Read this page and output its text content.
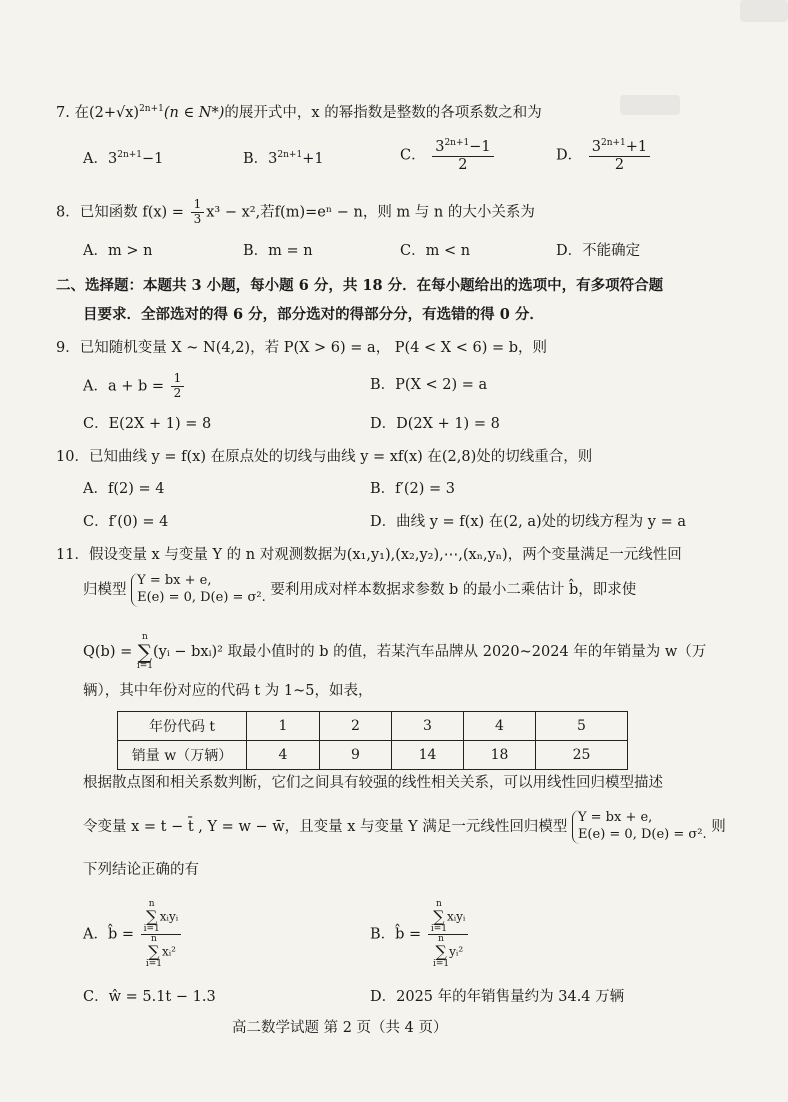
7. 在$(2+√x)^{2n+1}(n$ ∈ N*)的展开式中，x 的幂指数是整数的各项系数之和为
A．$3^{2n+1}-1$	B．$3^{2n+1}+1$	C． $\frac{3^{2n+1}-1}{2}$	D． $\frac{3^{2n+1}+1}{2}$
8．已知函数 $f(x) = \frac{1}{3} x^3 - x^2$,若f(m)=eⁿ − n，则 m 与 n 的大小关系为
A．m > n	B．m = n	C．m < n	D．不能确定
二、选择题：本题共 3 小题，每小题 6 分，共 18 分．在每小题给出的选项中，有多项符合题
目要求．全部选对的得 6 分，部分选对的得部分分，有选错的得 0 分．
9．已知随机变量 X ~ N(4,2)，若 P(X > 6) = a， P(4 < X < 6) = b，则
A．$a + b = \frac{1}{2}$	B．P(X < 2) = a
C．E(2X + 1) = 8	D．D(2X + 1) = 8
10．已知曲线 y = f(x) 在原点处的切线与曲线 y = xf(x) 在(2,8)处的切线重合，则
A．f(2) = 4	B．f′(2) = 3
C．f′(0) = 4	D．曲线 y = f(x) 在(2, a)处的切线方程为 y = a
11．假设变量 x 与变量 Y 的 n 对观测数据为(x₁,y₁),(x₂,y₂),⋯,(xₙ,yₙ)，两个变量满足一元线性回
归模型
Y = bx + e,
E(e) = 0, D(e) = σ². 要利用成对样本数据求参数 b 的最小二乘估计 b̂，即求使
Q(b) =
n
∑
i=1
(yᵢ − bxᵢ)² 取最小值时的 b 的值，若某汽车品牌从 2020~2024 年的年销量为 w（万
辆），其中年份对应的代码 t 为 1~5，如表，
年份代码 t	1	2	3	4	5
销量 w（万辆）	4	9	14	18	25
根据散点图和相关系数判断，它们之间具有较强的线性相关关系，可以用线性回归模型描述
令变量 x = t − t̄ , Y = w − w̄，且变量 x 与变量 Y 满足一元线性回归模型
Y = bx + e,
E(e) = 0, D(e) = σ². 则
下列结论正确的有
A．b̂ = n
∑
i=1
xᵢyᵢ
n
∑
i=1
xᵢ²	B．b̂ = n
∑
i=1
xᵢyᵢ
n
∑
i=1
yᵢ²
C．ŵ = 5.1t − 1.3	D．2025 年的年销售量约为 34.4 万辆
高二数学试题 第 2 页（共 4 页）
